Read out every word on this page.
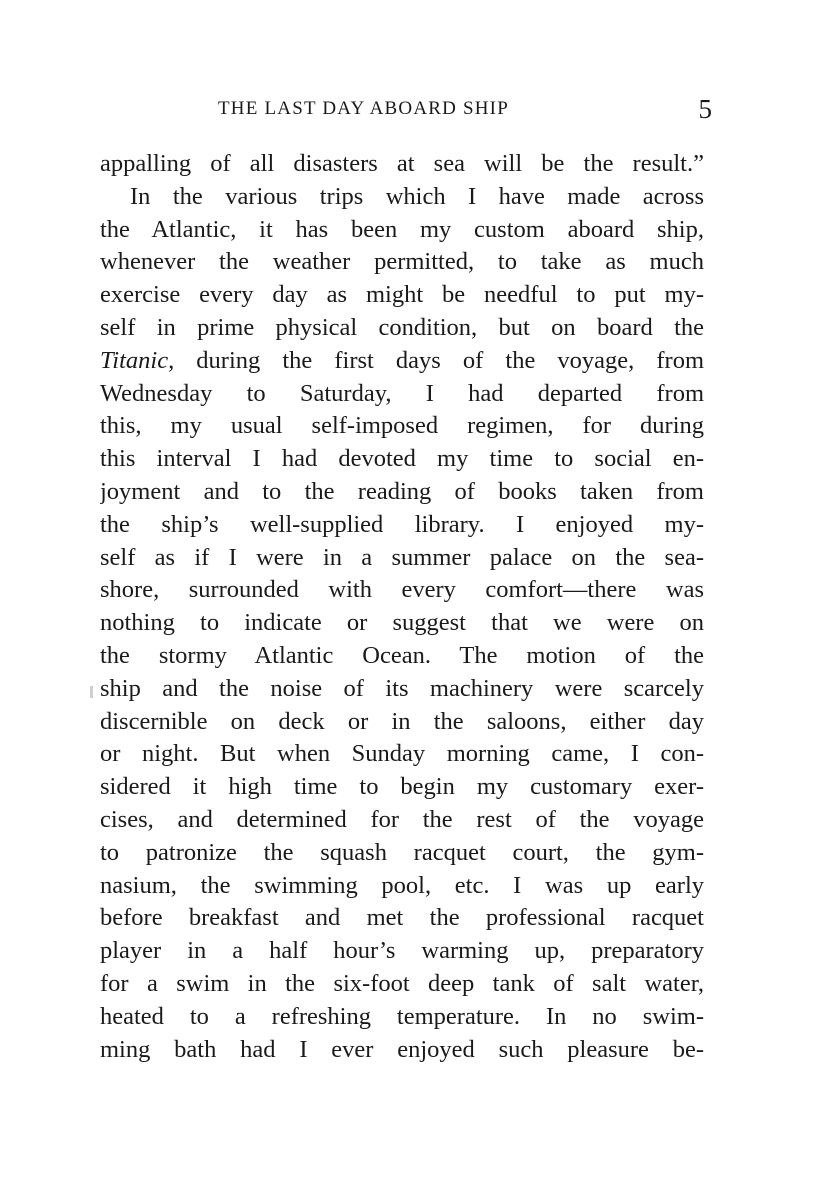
THE LAST DAY ABOARD SHIP	5
appalling of all disasters at sea will be the result.”
In the various trips which I have made across
the Atlantic, it has been my custom aboard ship,
whenever the weather permitted, to take as much
exercise every day as might be needful to put my-
self in prime physical condition, but on board the
Titanic, during the first days of the voyage, from
Wednesday to Saturday, I had departed from
this, my usual self-imposed regimen, for during
this interval I had devoted my time to social en-
joyment and to the reading of books taken from
the ship’s well-supplied library. I enjoyed my-
self as if I were in a summer palace on the sea-
shore, surrounded with every comfort—there was
nothing to indicate or suggest that we were on
the stormy Atlantic Ocean. The motion of the
ship and the noise of its machinery were scarcely
discernible on deck or in the saloons, either day
or night. But when Sunday morning came, I con-
sidered it high time to begin my customary exer-
cises, and determined for the rest of the voyage
to patronize the squash racquet court, the gym-
nasium, the swimming pool, etc. I was up early
before breakfast and met the professional racquet
player in a half hour’s warming up, preparatory
for a swim in the six-foot deep tank of salt water,
heated to a refreshing temperature. In no swim-
ming bath had I ever enjoyed such pleasure be-
